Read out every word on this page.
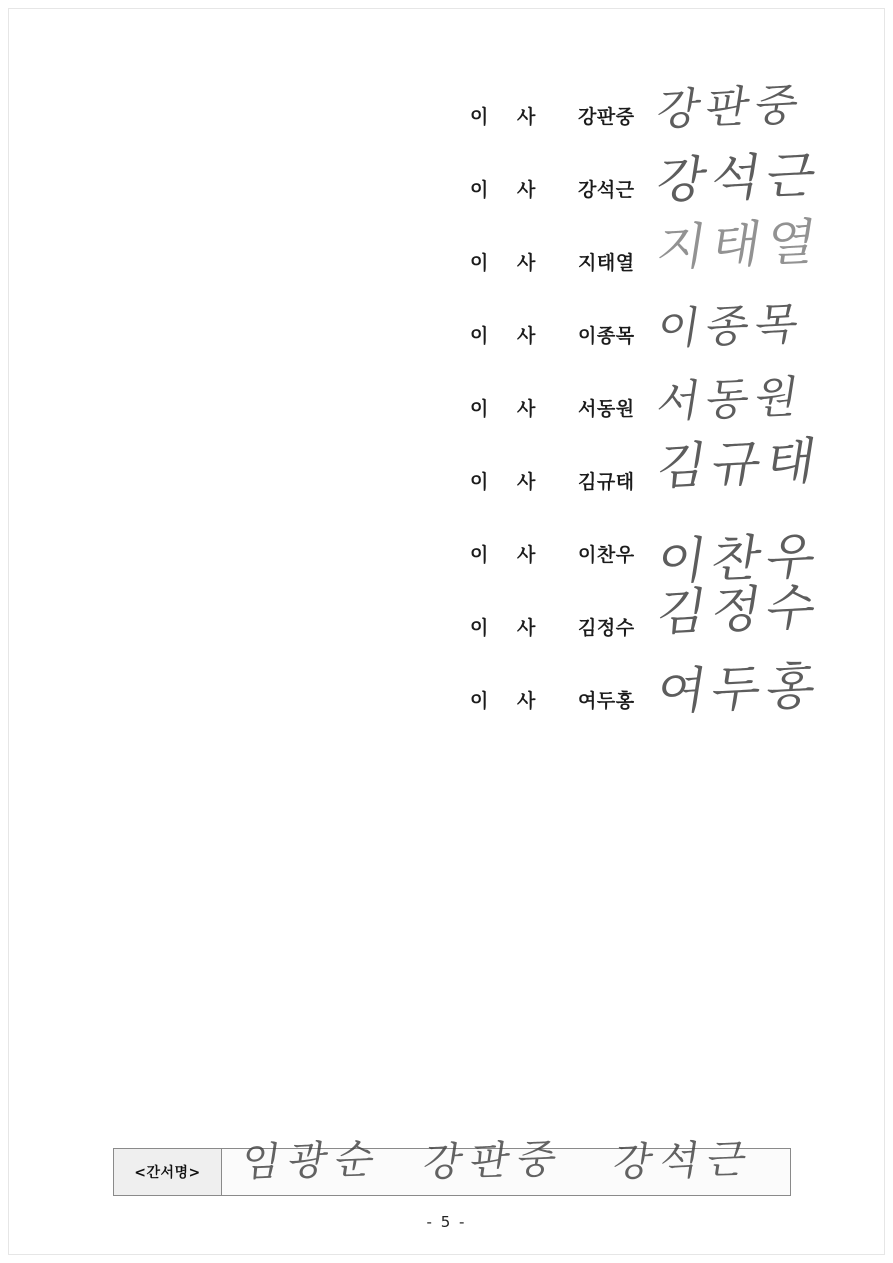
이 사 강판중 강판중
이 사 강석근 강석근
이 사 지태열 지태열
이 사 이종목 이종목
이 사 서동원 서동원
이 사 김규태 김규태
이 사 이찬우 이찬우
이 사 김정수 김정수
이 사 여두홍 여두홍
<간서명> 임광순 강판중 강석근
- 5 -
